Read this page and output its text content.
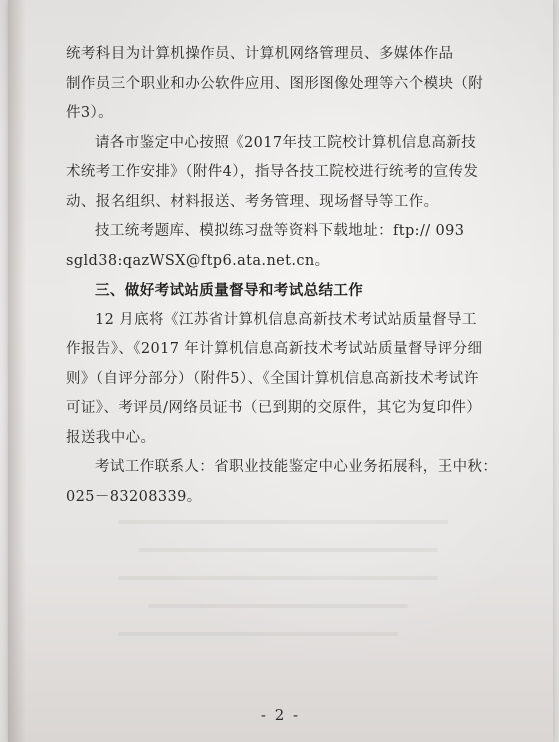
统考科目为计算机操作员、计算机网络管理员、多媒体作品
制作员三个职业和办公软件应用、图形图像处理等六个模块（附
件3）。

请各市鉴定中心按照《2017年技工院校计算机信息高新技
术统考工作安排》（附件4），指导各技工院校进行统考的宣传发
动、报名组织、材料报送、考务管理、现场督导等工作。

技工统考题库、模拟练习盘等资料下载地址：ftp:// 093
sgld38:qazWSX@ftp6.ata.net.cn。

三、做好考试站质量督导和考试总结工作

12 月底将《江苏省计算机信息高新技术考试站质量督导工
作报告》、《2017 年计算机信息高新技术考试站质量督导评分细
则》（自评分部分）（附件5）、《全国计算机信息高新技术考试许
可证》、考评员/网络员证书（已到期的交原件，其它为复印件）
报送我中心。

考试工作联系人：省职业技能鉴定中心业务拓展科，王中秋：
025－83208339。

- 2 -
